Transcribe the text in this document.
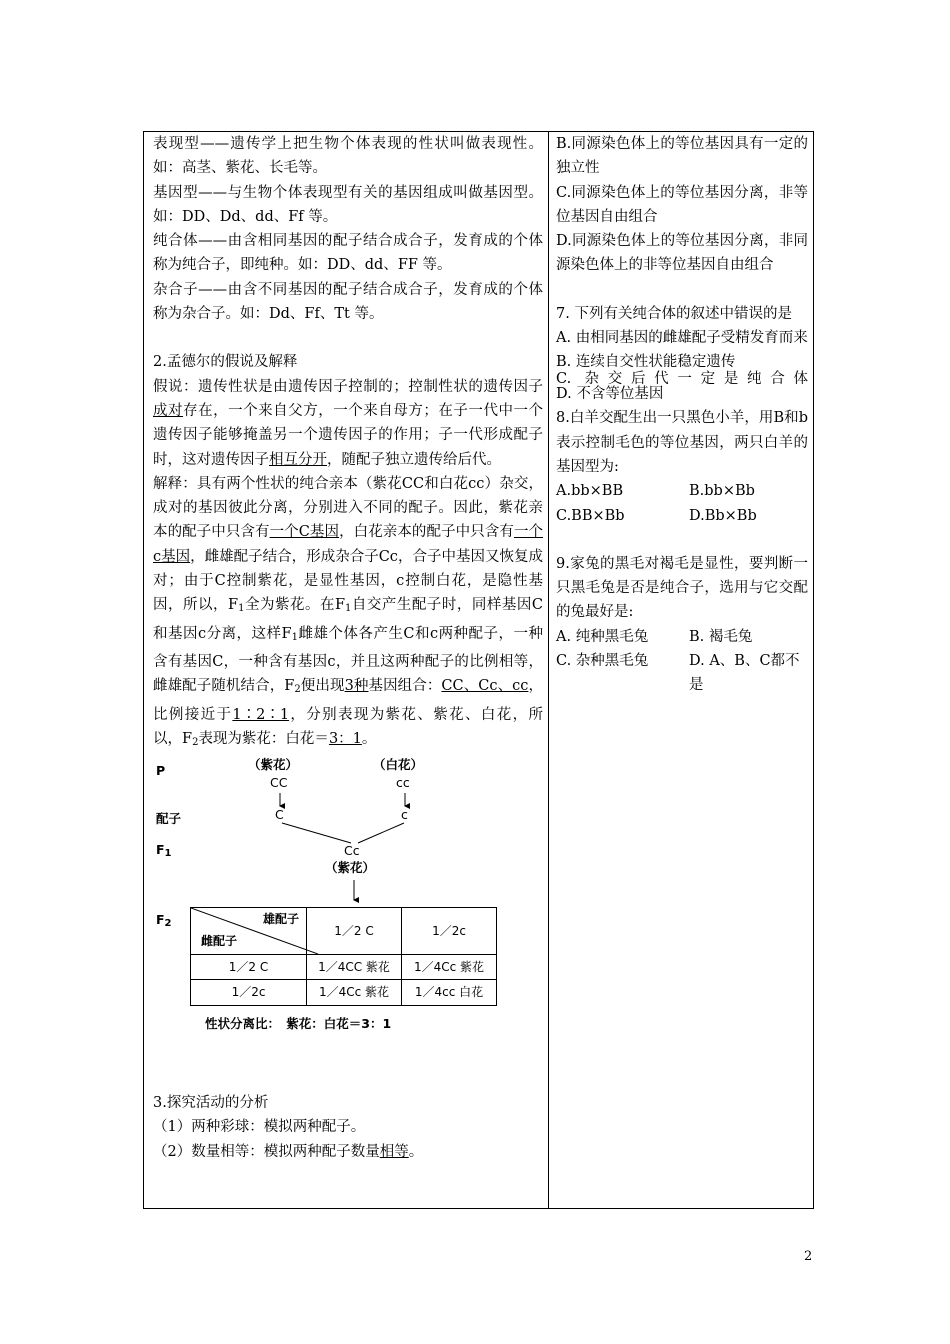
表现型——遗传学上把生物个体表现的性状叫做表现性。如：高茎、紫花、长毛等。

基因型——与生物个体表现型有关的基因组成叫做基因型。如：DD、Dd、dd、Ff 等。

纯合体——由含相同基因的配子结合成合子，发育成的个体称为纯合子，即纯种。如：DD、dd、FF 等。

杂合子——由含不同基因的配子结合成合子，发育成的个体称为杂合子。如：Dd、Ff、Tt 等。

2.孟德尔的假说及解释

假说：遗传性状是由遗传因子控制的；控制性状的遗传因子成对存在，一个来自父方，一个来自母方；在子一代中一个遗传因子能够掩盖另一个遗传因子的作用；子一代形成配子时，这对遗传因子相互分开，随配子独立遗传给后代。

解释：具有两个性状的纯合亲本（紫花CC和白花cc）杂交，成对的基因彼此分离，分别进入不同的配子。因此，紫花亲本的配子中只含有一个C基因，白花亲本的配子中只含有一个c基因，雌雄配子结合，形成杂合子Cc，合子中基因又恢复成对；由于C控制紫花，是显性基因，c控制白花，是隐性基因，所以，$F_1$全为紫花。在$F_1$自交产生配子时，同样基因C和基因c分离，这样$F_1$雌雄个体各产生C和c两种配子，一种含有基因C，一种含有基因c，并且这两种配子的比例相等，雌雄配子随机结合，$F_2$便出现3种基因组合：CC、Cc、cc，比例接近于1∶2∶1，分别表现为紫花、紫花、白花，所以，$F_2$表现为紫花：白花＝3：1。

P	（紫花）
CC
（白花）
cc
配子	C	c
$F_1$	Cc
（紫花）
$F_2$	雄配子
雌配子	1／2 C	1／2c
1／2 C	1／4CC 紫花	1／4Cc 紫花
1／2c	1／4Cc 紫花	1／4cc 白花
性状分离比：　紫花：白花＝3：1

3.探究活动的分析

（1）两种彩球：模拟两种配子。

（2）数量相等：模拟两种配子数量相等。

B.同源染色体上的等位基因具有一定的独立性

C.同源染色体上的等位基因分离，非等位基因自由组合

D.同源染色体上的等位基因分离，非同源染色体上的非等位基因自由组合

7. 下列有关纯合体的叙述中错误的是

A. 由相同基因的雌雄配子受精发育而来

B. 连续自交性状能稳定遗传

C. 杂交后代一定是纯合体

D. 不含等位基因

8.白羊交配生出一只黑色小羊，用B和b表示控制毛色的等位基因，两只白羊的基因型为:

A.bb×BB	B.bb×Bb
C.BB×Bb	D.Bb×Bb

9.家兔的黑毛对褐毛是显性，要判断一只黑毛兔是否是纯合子，选用与它交配的兔最好是:

A. 纯种黑毛兔	B. 褐毛兔
C. 杂种黑毛兔	D. A、B、C都不是
2
